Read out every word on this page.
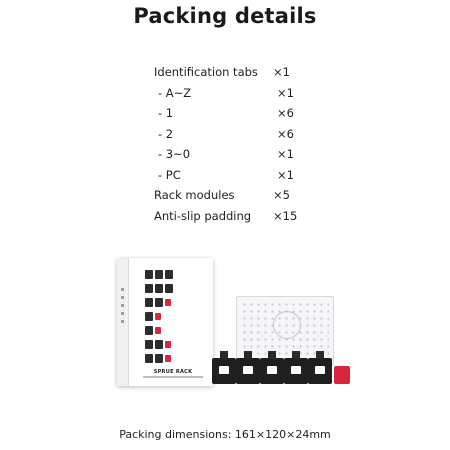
Packing details
Identification tabs	×1
- A~Z	×1
- 1	×6
- 2	×6
- 3~0	×1
- PC	×1
Rack modules	×5
Anti-slip padding	×15
SPRUE RACK
Packing dimensions: 161×120×24mm
